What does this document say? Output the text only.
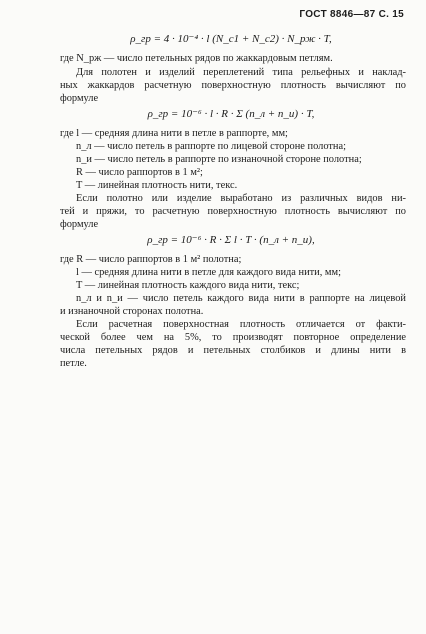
ГОСТ 8846—87 С. 15
ρ_гр = 4 · 10⁻⁴ · l (N_c1 + N_c2) · N_рж · T,
где N_рж — число петельных рядов по жаккардовым петлям.
Для полотен и изделий переплетений типа рельефных и наклад-
ных жаккардов расчетную поверхностную плотность вычисляют по
формуле
ρ_гр = 10⁻⁶ · l · R · Σ (n_л + n_и) · T,
где l — средняя длина нити в петле в раппорте, мм;
n_л — число петель в раппорте по лицевой стороне полотна;
n_и — число петель в раппорте по изнаночной стороне полотна;
R — число раппортов в 1 м²;
T — линейная плотность нити, текс.
Если полотно или изделие выработано из различных видов ни-
тей и пряжи, то расчетную поверхностную плотность вычисляют по
формуле
ρ_гр = 10⁻⁶ · R · Σ l · T · (n_л + n_и),
где R — число раппортов в 1 м² полотна;
l — средняя длина нити в петле для каждого вида нити, мм;
T — линейная плотность каждого вида нити, текс;
n_л и n_и — число петель каждого вида нити в раппорте на лицевой
и изнаночной сторонах полотна.
Если расчетная поверхностная плотность отличается от факти-
ческой более чем на 5%, то производят повторное определение
числа петельных рядов и петельных столбиков и длины нити в
петле.
